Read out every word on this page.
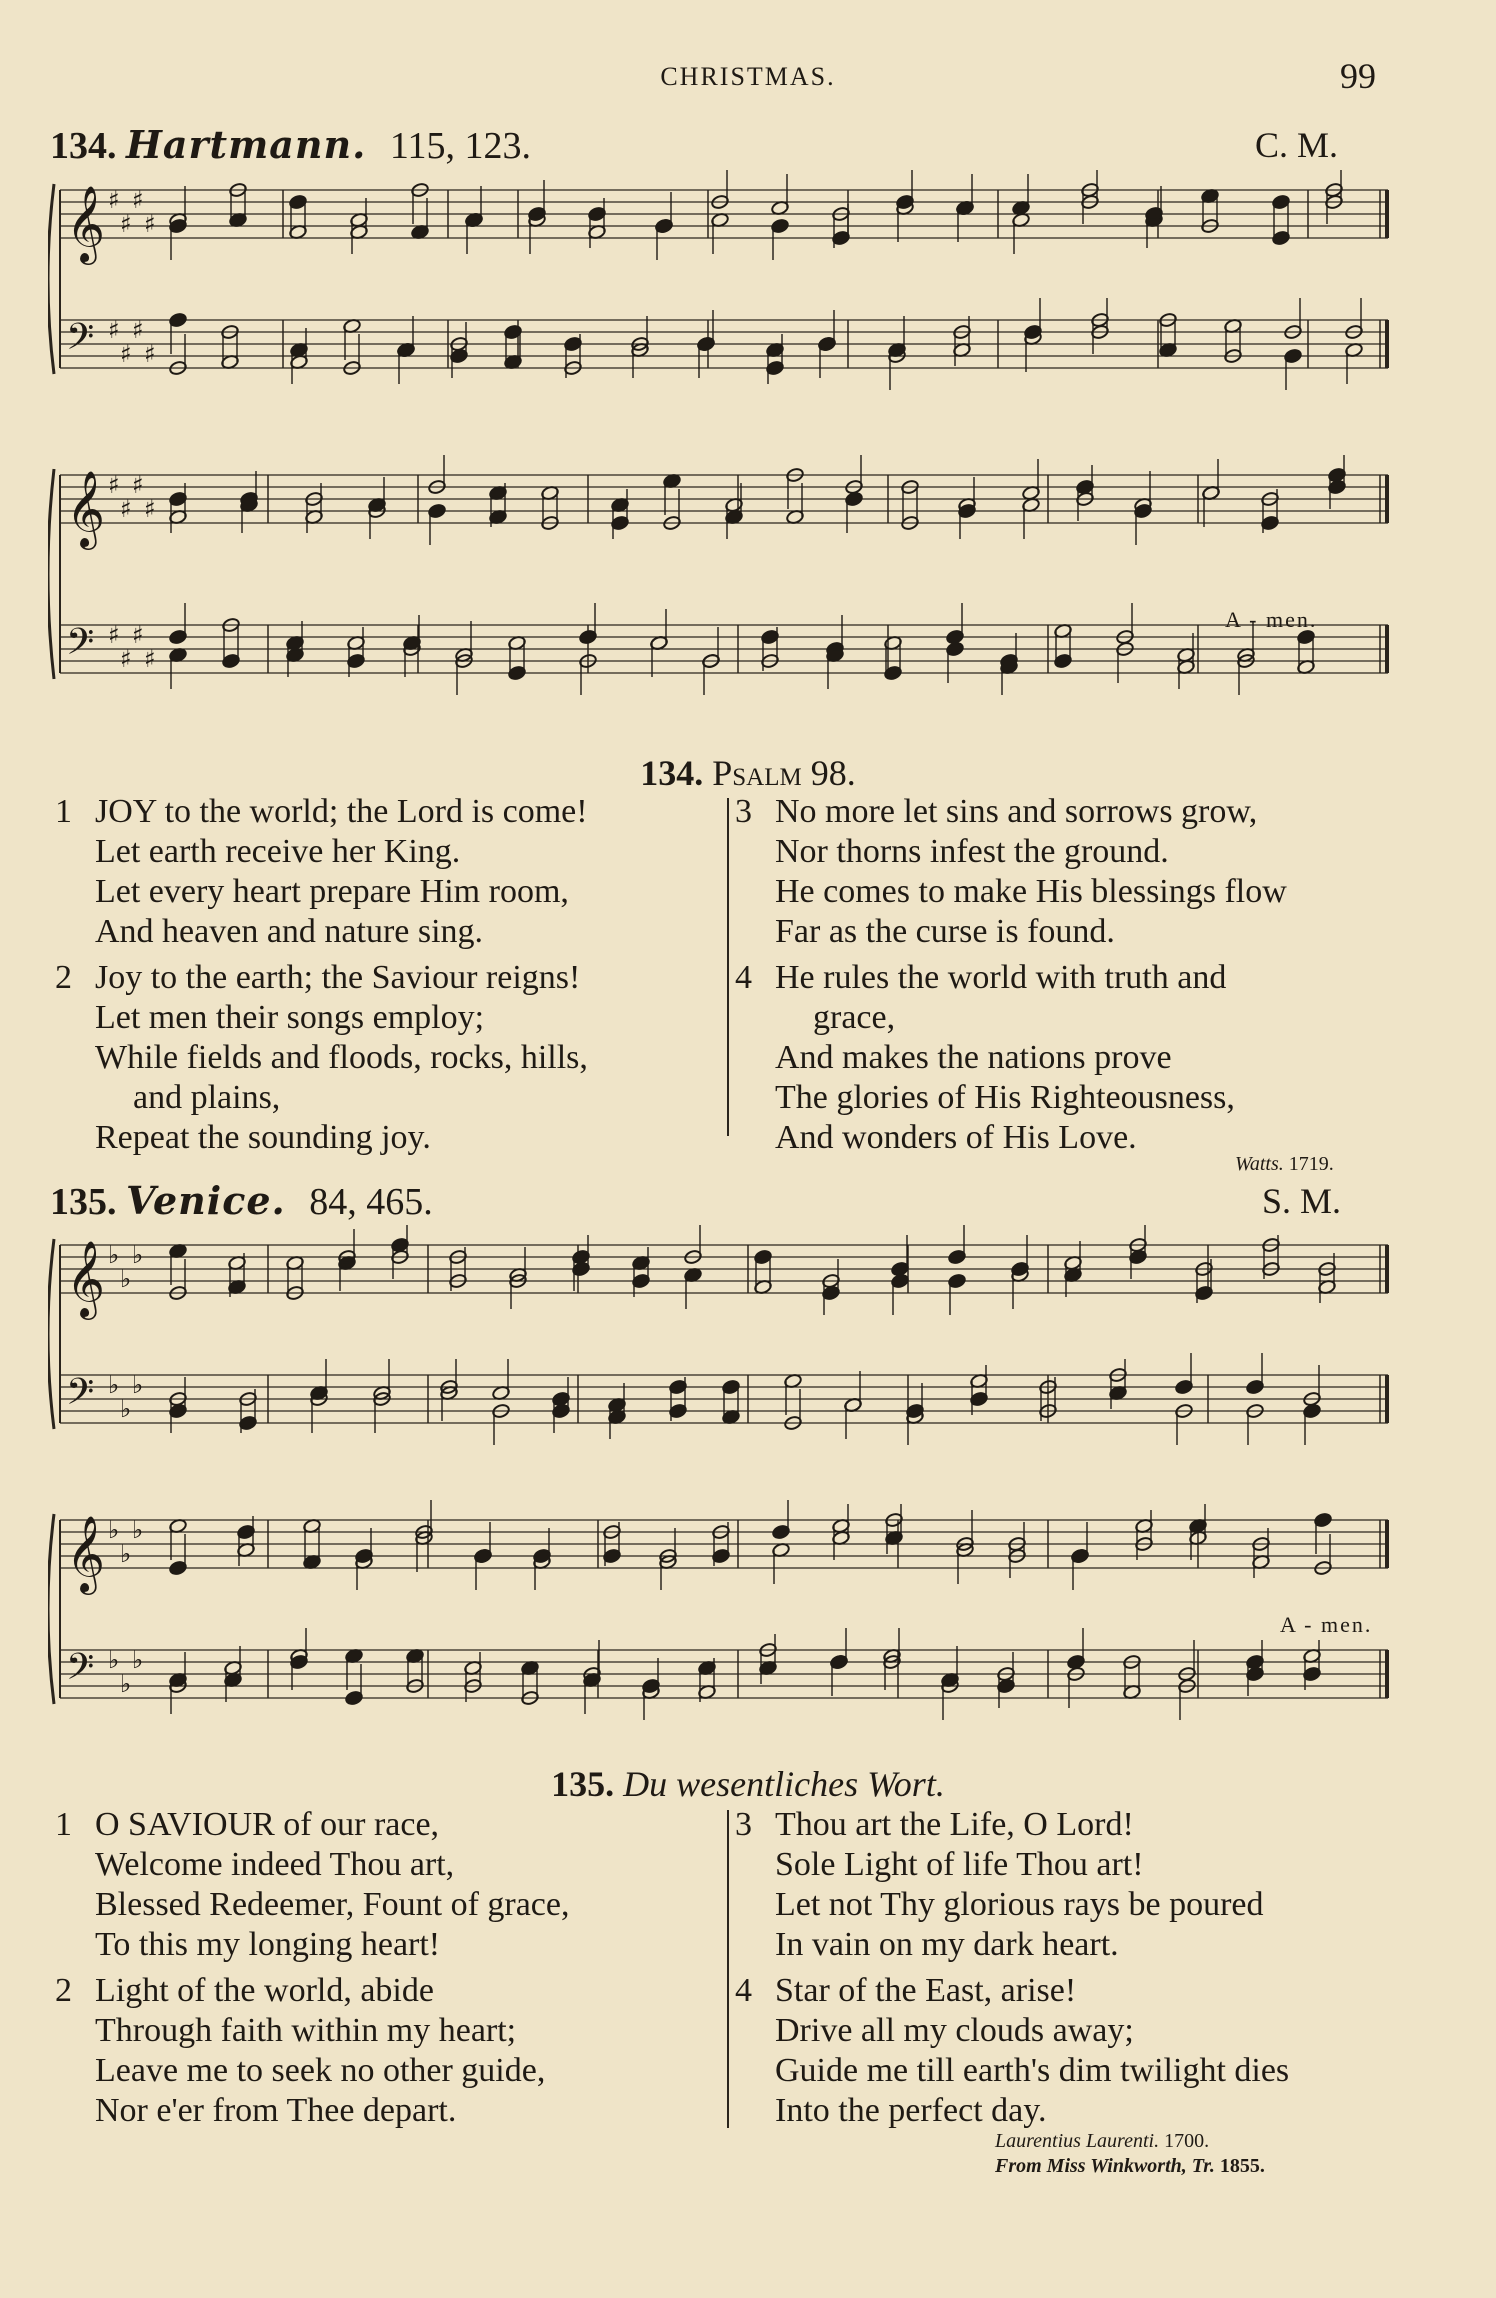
CHRISTMAS.	99
134. Hartmann. 115, 123.	C. M.
𝄞 ♯
♯
♯
♯
𝄢 ♯
♯
♯
♯
𝄞 ♯
♯
♯
♯
𝄢 ♯
♯
♯
♯
A - men.
134. Psalm 98.
1 JOY to the world; the Lord is come!
Let earth receive her King.
Let every heart prepare Him room,
And heaven and nature sing.
2 Joy to the earth; the Saviour reigns!
Let men their songs employ;
While fields and floods, rocks, hills,
and plains,
Repeat the sounding joy.
3 No more let sins and sorrows grow,
Nor thorns infest the ground.
He comes to make His blessings flow
Far as the curse is found.
4 He rules the world with truth and
grace,
And makes the nations prove
The glories of His Righteousness,
And wonders of His Love.
Watts. 1719.
135. Venice. 84, 465.	S. M.
𝄞 ♭
♭
♭
𝄢 ♭
♭
♭
𝄞 ♭
♭
♭
𝄢 ♭
♭
♭
A - men.
135. Du wesentliches Wort.
1 O SAVIOUR of our race,
Welcome indeed Thou art,
Blessed Redeemer, Fount of grace,
To this my longing heart!
2 Light of the world, abide
Through faith within my heart;
Leave me to seek no other guide,
Nor e'er from Thee depart.
3 Thou art the Life, O Lord!
Sole Light of life Thou art!
Let not Thy glorious rays be poured
In vain on my dark heart.
4 Star of the East, arise!
Drive all my clouds away;
Guide me till earth's dim twilight dies
Into the perfect day.
Laurentius Laurenti. 1700.
From Miss Winkworth, Tr. 1855.
